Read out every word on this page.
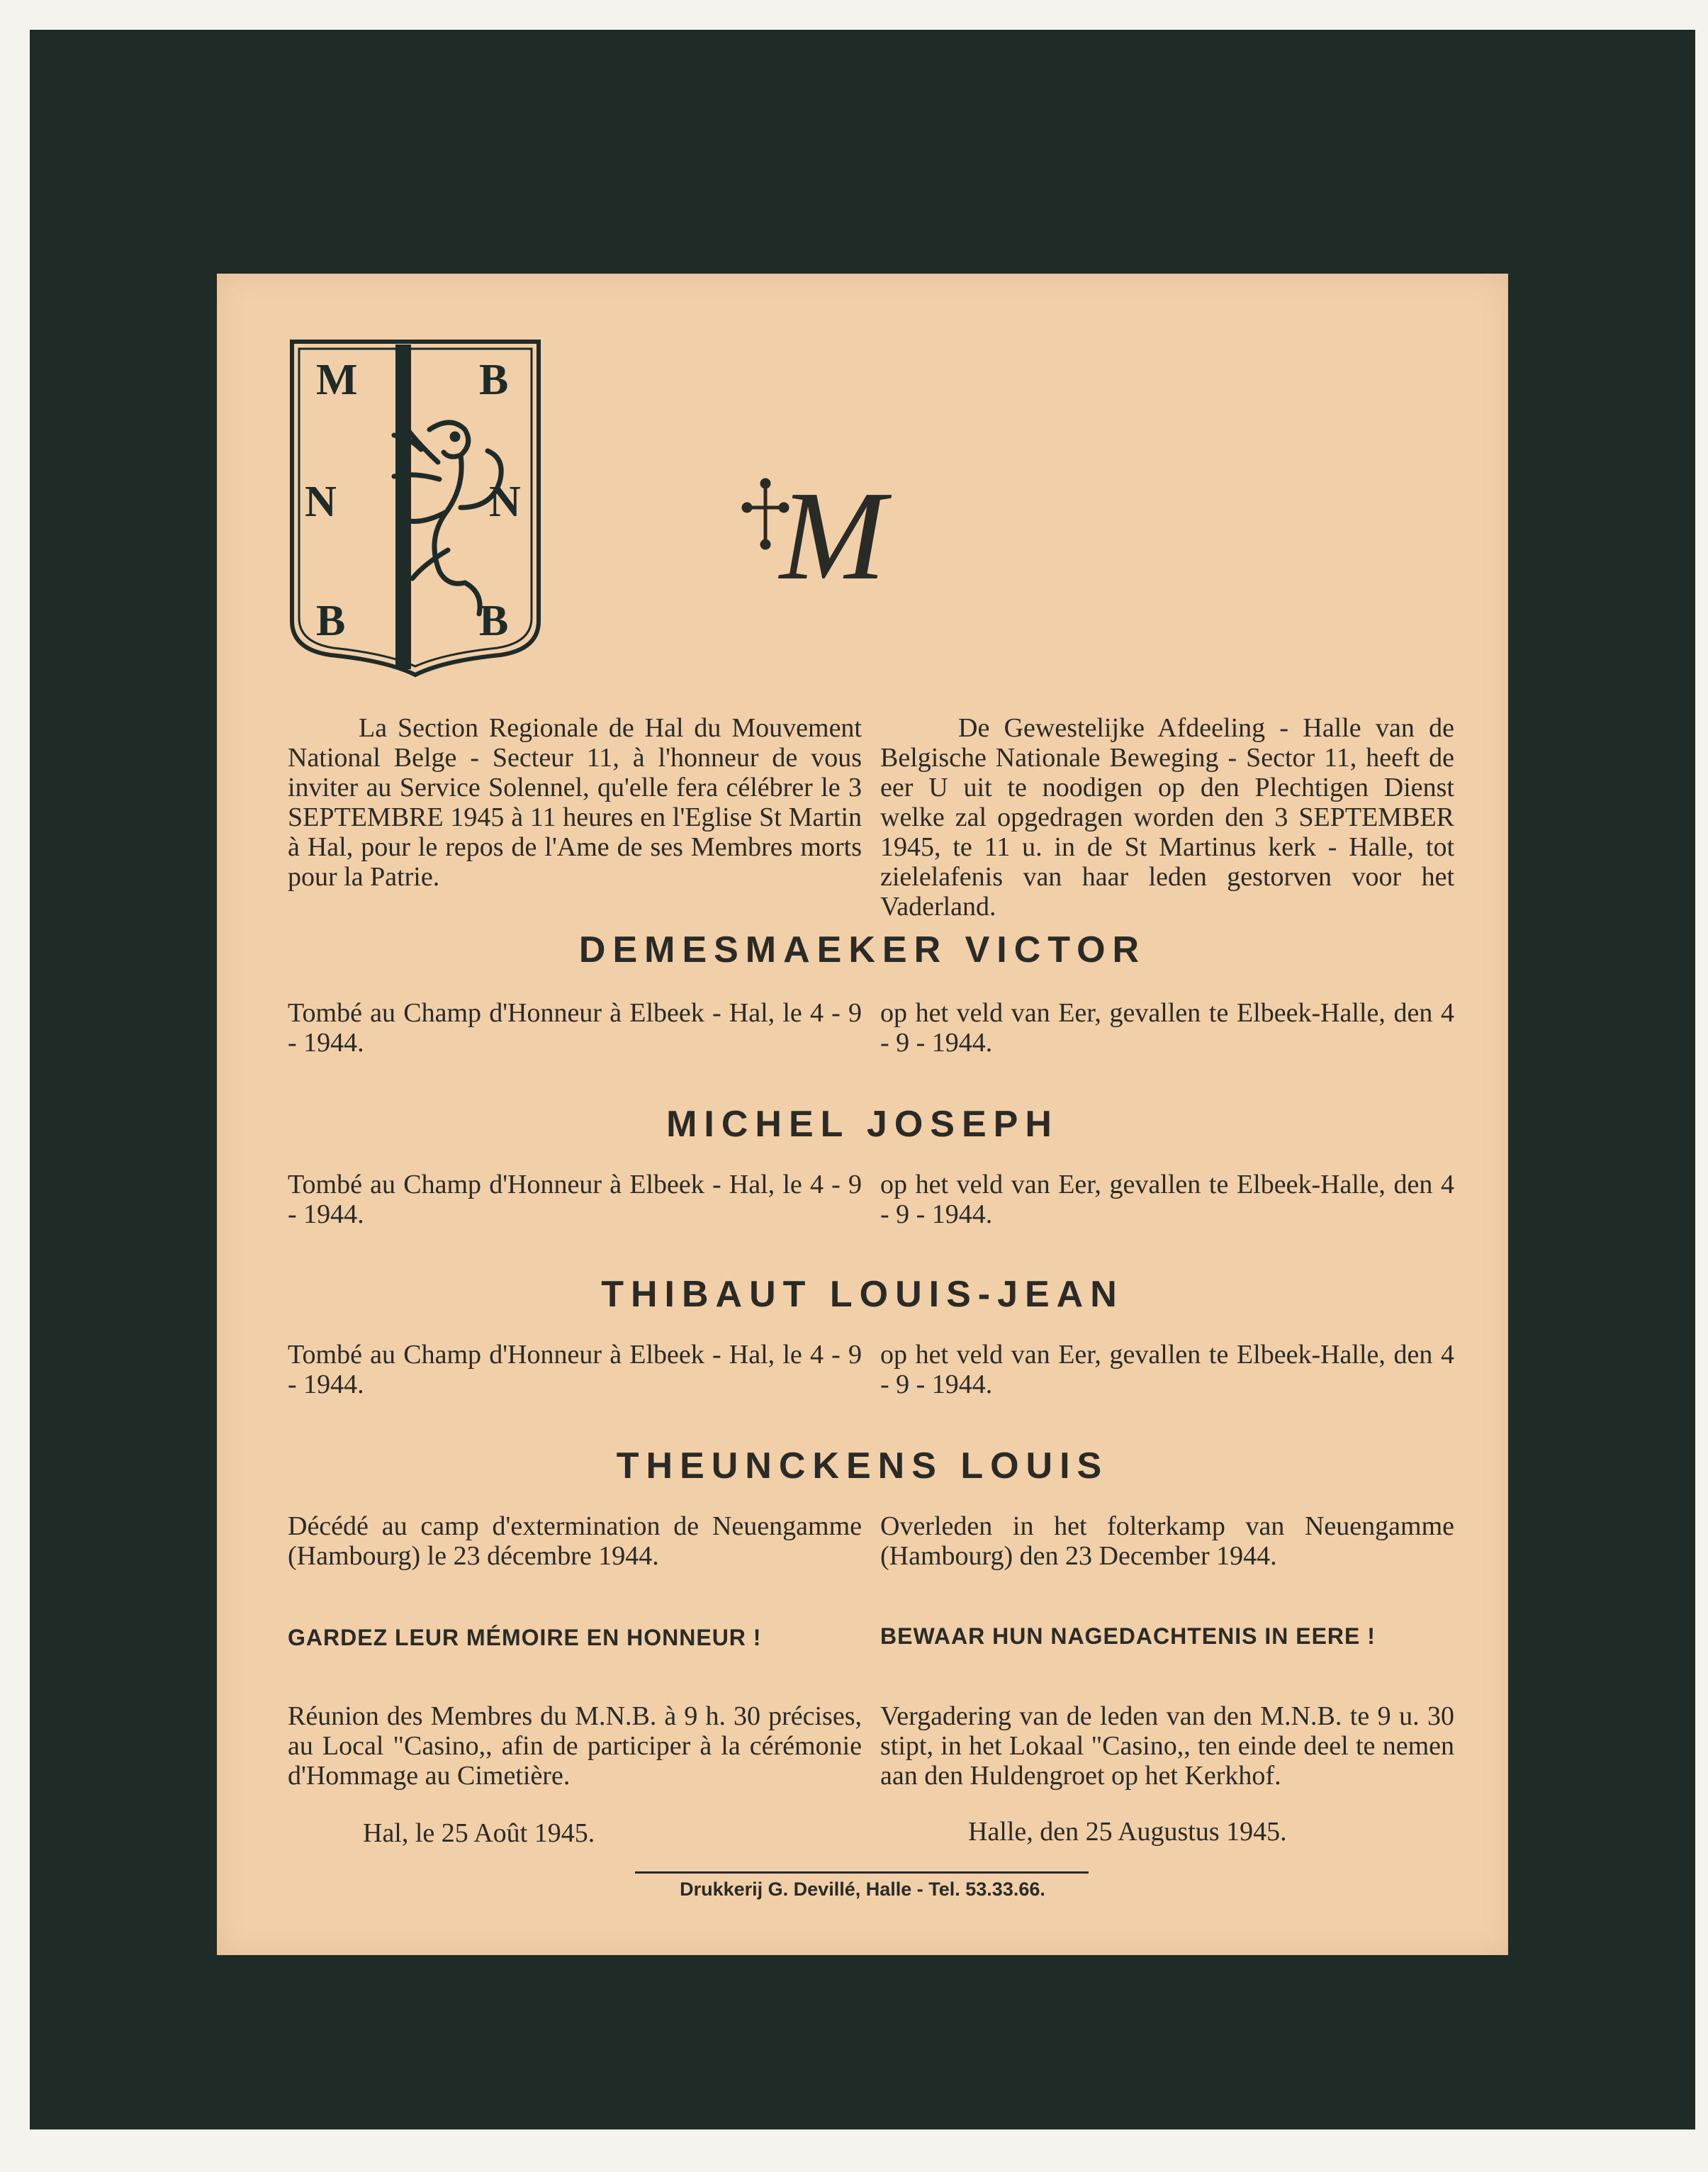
M	B
N	N
B	B
M
La Section Regionale de Hal du Mouvement National Belge - Secteur 11, à l'honneur de vous inviter au Service Solennel, qu'elle fera célébrer le 3 SEPTEMBRE 1945 à 11 heures en l'Eglise St Martin à Hal, pour le repos de l'Ame de ses Membres morts pour la Patrie.
De Gewestelijke Afdeeling - Halle van de Belgische Nationale Beweging - Sector 11, heeft de eer U uit te noodigen op den Plechtigen Dienst welke zal opgedragen worden den 3 SEPTEMBER 1945, te 11 u. in de St Martinus kerk - Halle, tot zielelafenis van haar leden gestorven voor het Vaderland.
DEMESMAEKER VICTOR
Tombé au Champ d'Honneur à Elbeek - Hal, le 4 - 9 - 1944.
op het veld van Eer, gevallen te Elbeek-Halle, den 4 - 9 - 1944.
MICHEL JOSEPH
Tombé au Champ d'Honneur à Elbeek - Hal, le 4 - 9 - 1944.
op het veld van Eer, gevallen te Elbeek-Halle, den 4 - 9 - 1944.
THIBAUT LOUIS-JEAN
Tombé au Champ d'Honneur à Elbeek - Hal, le 4 - 9 - 1944.
op het veld van Eer, gevallen te Elbeek-Halle, den 4 - 9 - 1944.
THEUNCKENS LOUIS
Décédé au camp d'extermination de Neuengamme (Hambourg) le 23 décembre 1944.
Overleden in het folterkamp van Neuengamme (Hambourg) den 23 December 1944.
GARDEZ LEUR MÉMOIRE EN HONNEUR !	BEWAAR HUN NAGEDACHTENIS IN EERE !
Réunion des Membres du M.N.B. à 9 h. 30 précises, au Local "Casino,, afin de participer à la cérémonie d'Hommage au Cimetière.
Vergadering van de leden van den M.N.B. te 9 u. 30 stipt, in het Lokaal "Casino,, ten einde deel te nemen aan den Huldengroet op het Kerkhof.
Hal, le 25 Août 1945.	Halle, den 25 Augustus 1945.
Drukkerij G. Devillé, Halle - Tel. 53.33.66.
